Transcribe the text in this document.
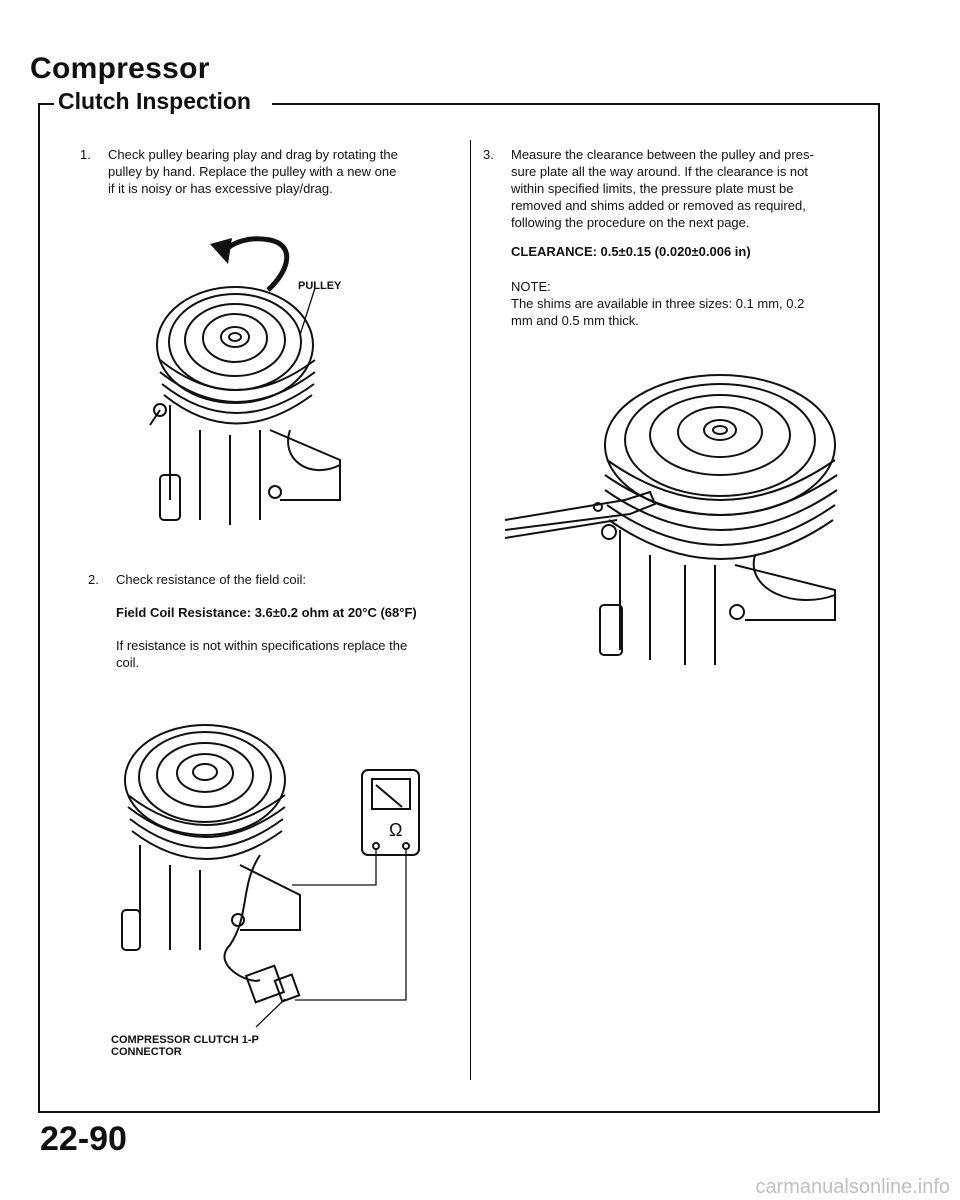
Compressor
Clutch Inspection
1. Check pulley bearing play and drag by rotating the
pulley by hand. Replace the pulley with a new one
if it is noisy or has excessive play/drag.
PULLEY
2. Check resistance of the field coil:
Field Coil Resistance: 3.6±0.2 ohm at 20°C (68°F)
If resistance is not within specifications replace the
coil.
Ω
COMPRESSOR CLUTCH 1-P
CONNECTOR
3. Measure the clearance between the pulley and pres-
sure plate all the way around. If the clearance is not
within specified limits, the pressure plate must be
removed and shims added or removed as required,
following the procedure on the next page.
CLEARANCE: 0.5±0.15 (0.020±0.006 in)
NOTE:
The shims are available in three sizes: 0.1 mm, 0.2
mm and 0.5 mm thick.
22-90
carmanualsonline.info
